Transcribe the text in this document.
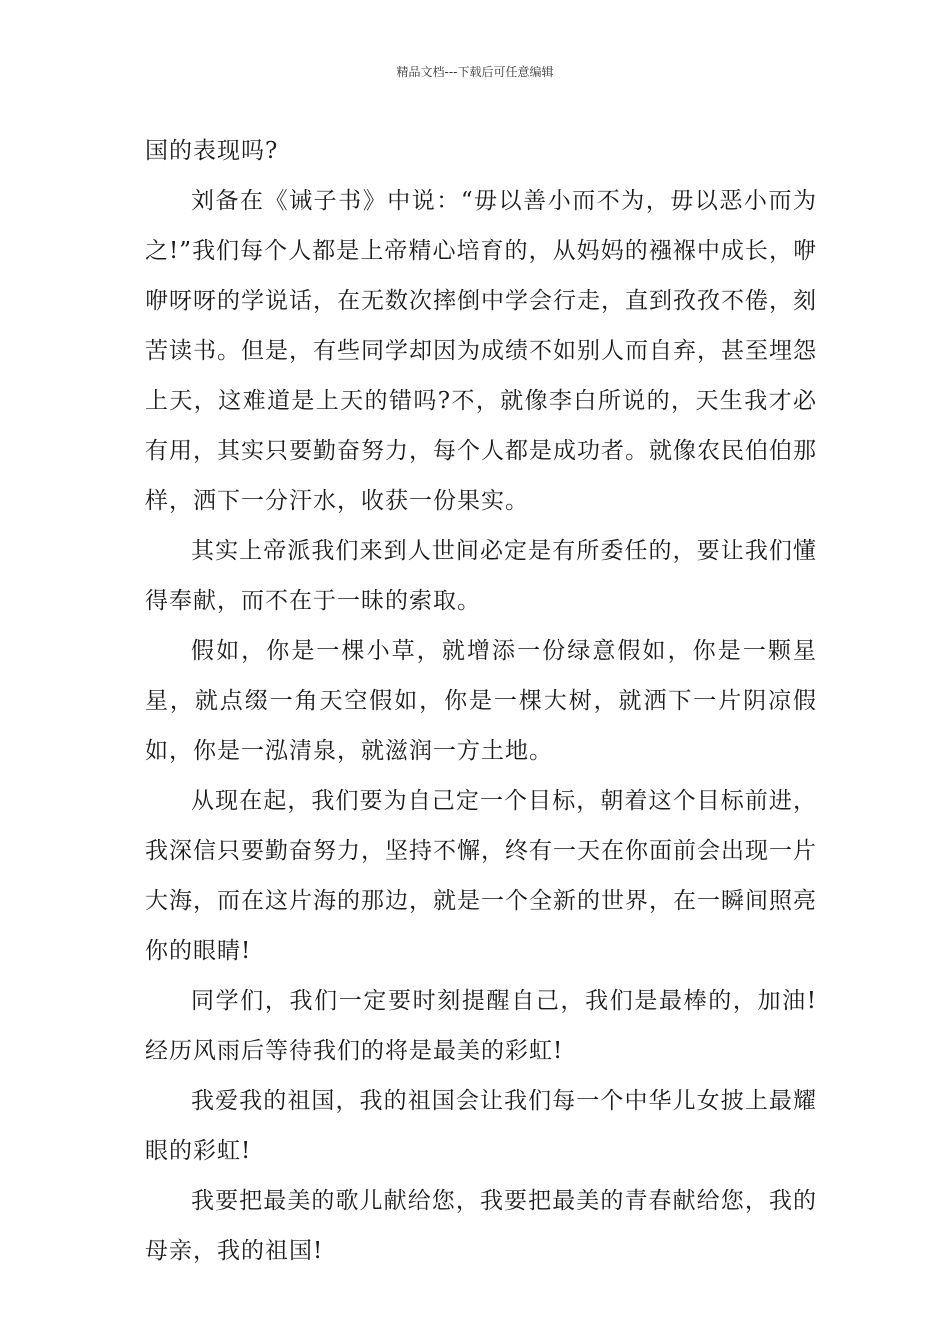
精品文档---下载后可任意编辑

国的表现吗?

刘备在《诫子书》中说：“毋以善小而不为，毋以恶小而为之!”我们每个人都是上帝精心培育的，从妈妈的襁褓中成长，咿咿呀呀的学说话，在无数次摔倒中学会行走，直到孜孜不倦，刻苦读书。但是，有些同学却因为成绩不如别人而自弃，甚至埋怨上天，这难道是上天的错吗?不，就像李白所说的，天生我才必有用，其实只要勤奋努力，每个人都是成功者。就像农民伯伯那样，洒下一分汗水，收获一份果实。

其实上帝派我们来到人世间必定是有所委任的，要让我们懂得奉献，而不在于一昧的索取。

假如，你是一棵小草，就增添一份绿意假如，你是一颗星星，就点缀一角天空假如，你是一棵大树，就洒下一片阴凉假如，你是一泓清泉，就滋润一方土地。

从现在起，我们要为自己定一个目标，朝着这个目标前进，我深信只要勤奋努力，坚持不懈，终有一天在你面前会出现一片大海，而在这片海的那边，就是一个全新的世界，在一瞬间照亮你的眼睛!

同学们，我们一定要时刻提醒自己，我们是最棒的，加油!经历风雨后等待我们的将是最美的彩虹!

我爱我的祖国，我的祖国会让我们每一个中华儿女披上最耀眼的彩虹!

我要把最美的歌儿献给您，我要把最美的青春献给您，我的母亲，我的祖国!
